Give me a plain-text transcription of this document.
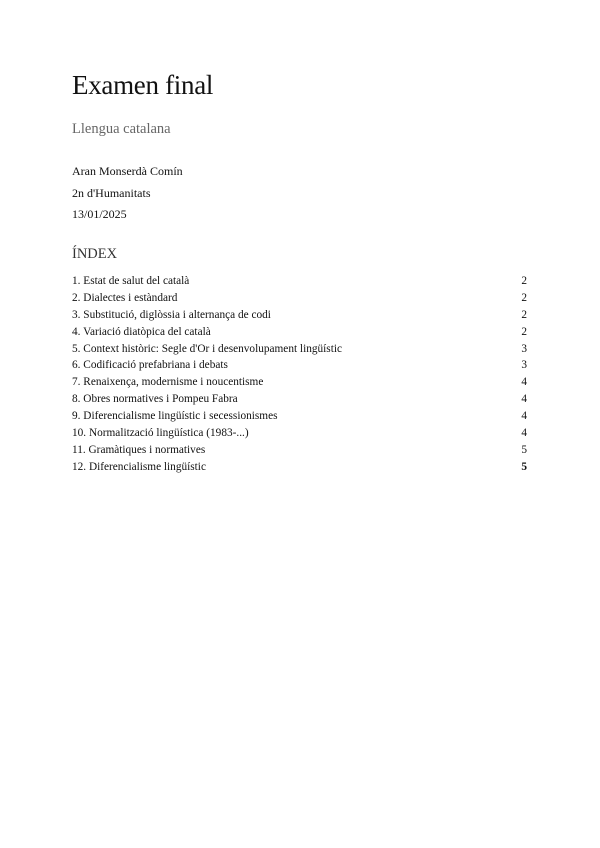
Examen final
Llengua catalana
Aran Monserdà Comín
2n d'Humanitats
13/01/2025
ÍNDEX
1. Estat de salut del català	2
2. Dialectes i estàndard	2
3. Substitució, diglòssia i alternança de codi	2
4. Variació diatòpica del català	2
5. Context històric: Segle d'Or i desenvolupament lingüístic	3
6. Codificació prefabriana i debats	3
7. Renaixença, modernisme i noucentisme	4
8. Obres normatives i Pompeu Fabra	4
9. Diferencialisme lingüístic i secessionismes	4
10. Normalització lingüística (1983-...)	4
11. Gramàtiques i normatives	5
12. Diferencialisme lingüístic	5
